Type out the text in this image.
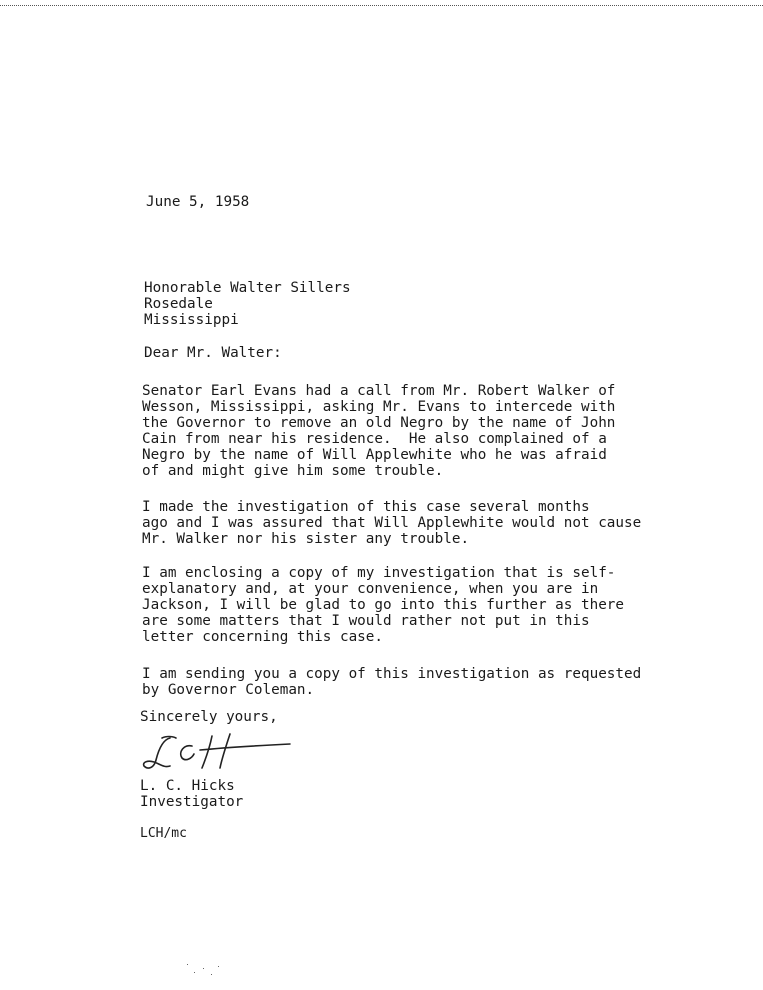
June 5, 1958
Honorable Walter Sillers
Rosedale
Mississippi
Dear Mr. Walter:
Senator Earl Evans had a call from Mr. Robert Walker of
Wesson, Mississippi, asking Mr. Evans to intercede with
the Governor to remove an old Negro by the name of John
Cain from near his residence.  He also complained of a
Negro by the name of Will Applewhite who he was afraid
of and might give him some trouble.
I made the investigation of this case several months
ago and I was assured that Will Applewhite would not cause
Mr. Walker nor his sister any trouble.
I am enclosing a copy of my investigation that is self-
explanatory and, at your convenience, when you are in
Jackson, I will be glad to go into this further as there
are some matters that I would rather not put in this
letter concerning this case.
I am sending you a copy of this investigation as requested
by Governor Coleman.
Sincerely yours,
L. C. Hicks
Investigator
LCH/mc
